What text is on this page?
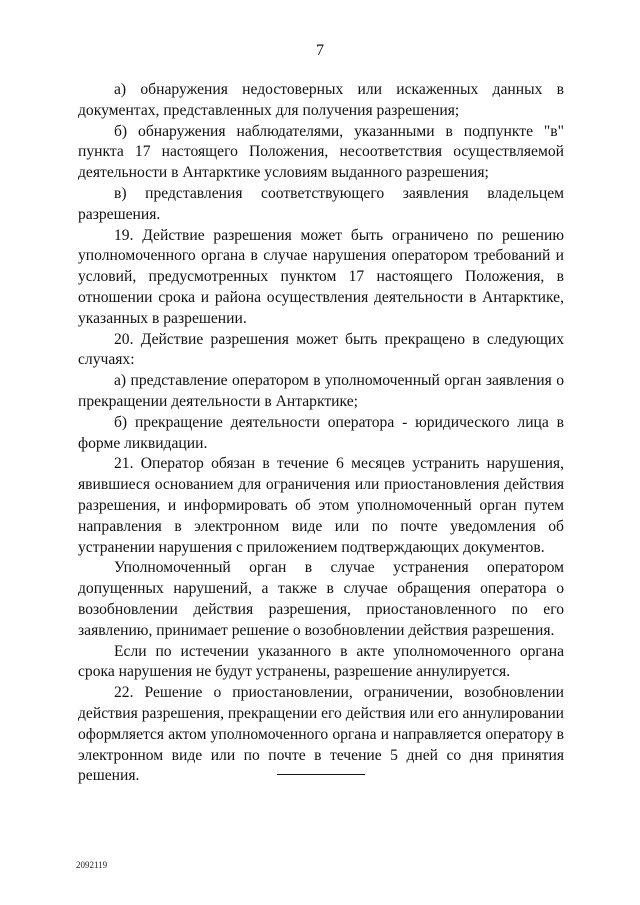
7

а) обнаружения недостоверных или искаженных данных в документах, представленных для получения разрешения;

б) обнаружения наблюдателями, указанными в подпункте "в" пункта 17 настоящего Положения, несоответствия осуществляемой деятельности в Антарктике условиям выданного разрешения;

в) представления соответствующего заявления владельцем разрешения.

19. Действие разрешения может быть ограничено по решению уполномоченного органа в случае нарушения оператором требований и условий, предусмотренных пунктом 17 настоящего Положения, в отношении срока и района осуществления деятельности в Антарктике, указанных в разрешении.

20. Действие разрешения может быть прекращено в следующих случаях:

а) представление оператором в уполномоченный орган заявления о прекращении деятельности в Антарктике;

б) прекращение деятельности оператора - юридического лица в форме ликвидации.

21. Оператор обязан в течение 6 месяцев устранить нарушения, явившиеся основанием для ограничения или приостановления действия разрешения, и информировать об этом уполномоченный орган путем направления в электронном виде или по почте уведомления об устранении нарушения с приложением подтверждающих документов.

Уполномоченный орган в случае устранения оператором допущенных нарушений, а также в случае обращения оператора о возобновлении действия разрешения, приостановленного по его заявлению, принимает решение о возобновлении действия разрешения.

Если по истечении указанного в акте уполномоченного органа срока нарушения не будут устранены, разрешение аннулируется.

22. Решение о приостановлении, ограничении, возобновлении действия разрешения, прекращении его действия или его аннулировании оформляется актом уполномоченного органа и направляется оператору в электронном виде или по почте в течение 5 дней со дня принятия решения.

2092119
